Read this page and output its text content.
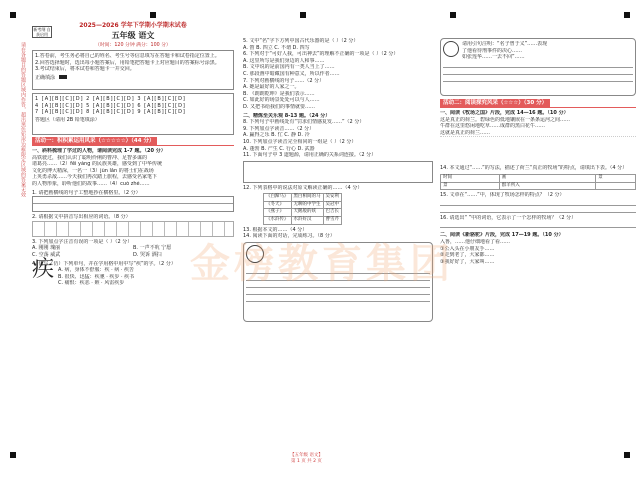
请在各题目的答题区域内作答，超出黑色矩形边框限定区域的答案无效
2025—2026 学年下学期小学期末试卷
五年级 语文
（时间：120 分钟 满分：100 分）
新考纲 自获启用
1.答卷前，考生务必将自己的姓名、考生号等信息填写在答题卡和试卷指定位置上。
2.回答选择题时，选出每小题答案后，用铅笔把答题卡上对应题目的答案标号涂黑。
3.考试结束后，将本试卷和答题卡一并交回。
正确填涂
1 [A][B][C][D] 2 [A][B][C][D] 3 [A][B][C][D]
4 [A][B][C][D] 5 [A][B][C][D] 6 [A][B][C][D]
7 [A][B][C][D] 8 [A][B][C][D] 9 [A][B][C][D]
答题区（请用 2B 铅笔填涂）
活动一：积积累运用风采（☆☆☆☆☆）（44 分）
一、斜料梳理了学过的人物，请阅读完成 1-7 题。（20 分）
高铁驶过，我们认识了聪明伶俐的曹冲、足智多谋的
诸葛亮……（2）fēi yáng 的民族英雄，感受到了中华传统
文化的博大精深，一名一（3）jùn lǎn 的将士们在战场
上英勇杀敌……今天我们再次踏上旅程，去感受名家笔下
的人物形象，聆听他们的故事……（4）cuò zhé……
1. 请把画横线的句子工整地抄在横格里。（2 分）
2. 请根据文中拼音写出相应的词语。（8 分）
3. 下列加点字注音有误的一项是（ ）（2 分）
A. 刚刚 瑰丽	B. 一声不吭 宁愿
C. 空荡 威武	D. 哭诉 洒扫
4. 仿写（仿）下列单句，并在学用格中用中写“疾”的字。（2 分）
疾 A. 病，身体不舒服：疾 · 病 · 疾苦
B. 很快、迅猛：疾驰 · 疾步 · 疾书
C. 痛恨：疾恶 · 嫉 · 风雷疾步
5. 文中“名”字下方列中国古代乐器的是（ ）（2 分）
A. 笛 B. 四立 C. 不谓 D. 四写
6. 下列对于“可好人我，可出神去”的理解不正确的一项是（ ）（2 分）
A. 这里所写是我们身边的人和事……
B. 文中说的是前国内有一类人当上了……
C. 那段画中暗藏国有种意义，所以作者……
7. 下列对画横线的句子……（2 分）
A. 她是最好的人家之一。
B. 《朗朗乾坤》是我们表示……
C. 如此好的场景处处可以与人……
D. 又把书给我们的事情就要……
二、精炼至关乐观 8-13 题。（24 分）
8. 下列句子中画线处有“罚求们情感复发……”（2 分）
9. 下列加点字读音……（2 分）
A. 赢得之乐 B. 忙 C. 静 D. 冷
10. 下列加点字读音完全相同的一组是（ ）（2 分）
A. 蓬勃 B. 产生 C. 行心 D. 武器
11. 下面句子中 3 道题源，请用正确的关系词连接。（2 分）
12. 下列表格中的说法对原文解读正确的……（4 分）
《白蹄马》	黑白相间的马	吴安利
《冬天》	无聊的中学生	吴冠中
《燕子》	天鹅般的妖	巴吉长
《水浒传》	水浒好汉	曹雪芹
13. 根据本文的……（4 分）
14. 阅读下面的对话，完成练习。（8 分）
请用引句注明：“名子曾于义”……表现
了他看待刑事件的决心……
如张莲华……一去不回”……
活动二：阅读探究风采（☆☆☆）（30 分）
一、阅读《牧场之国》片段，完成 14—16 题。（10 分）
这是真正的荷兰。碧绿色的低地镶嵌在一条条运河之间……
牛群在这里悠闲地吃草……成群的黑白花牛……
这就是真正的荷兰……
14. 本文通过“……”的写法，描述了荷兰“真正的牧场”的特点，请填出下表。（4 分）
时间	画	景
景	群羊所入	
15. 文章在“……”中，体现了牧场怎样的特点？（2 分）
16. 请选出“ ”中的词语，它表示了一个怎样的牧场？（2 分）
二、阅读《新骆驼》片段，完成 17—19 题。（10 分）
入鲁，……他仔细地看了看……
①公入头在小朋友手……
②走到老了，大家都……
③我好好了，大家叫……
金榜教育集团
【五年级 语文】
第 1 页 共 2 页
